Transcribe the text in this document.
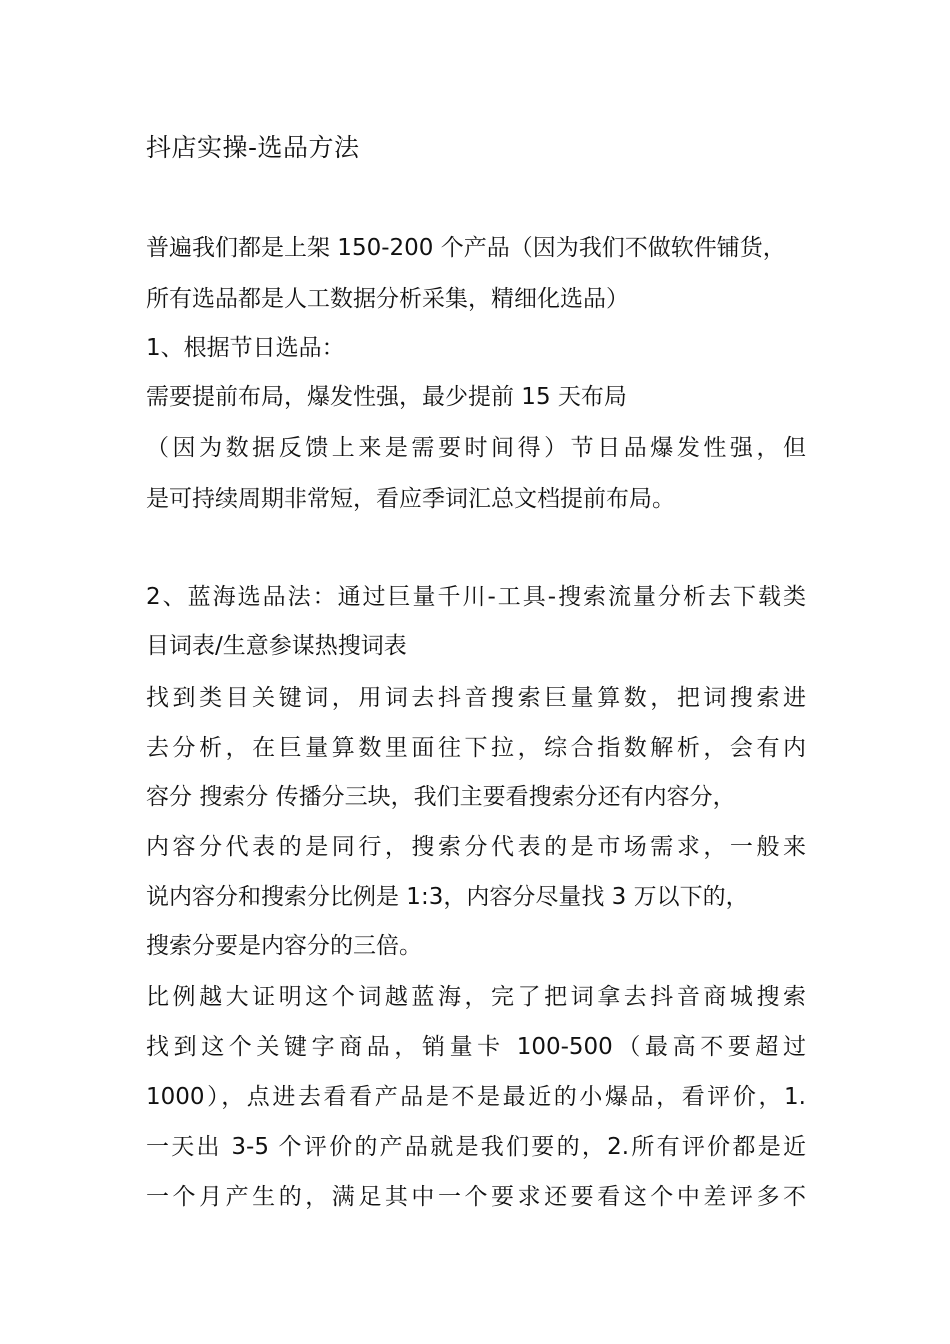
抖店实操-选品方法
普遍我们都是上架 150-200 个产品（因为我们不做软件铺货，
所有选品都是人工数据分析采集，精细化选品）
1、根据节日选品：
需要提前布局，爆发性强，最少提前 15 天布局
（因为数据反馈上来是需要时间得）节日品爆发性强，但
是可持续周期非常短，看应季词汇总文档提前布局。
2、蓝海选品法：通过巨量千川-工具-搜索流量分析去下载类
目词表/生意参谋热搜词表
找到类目关键词，用词去抖音搜索巨量算数，把词搜索进
去分析，在巨量算数里面往下拉，综合指数解析，会有内
容分 搜索分 传播分三块，我们主要看搜索分还有内容分，
内容分代表的是同行，搜索分代表的是市场需求，一般来
说内容分和搜索分比例是 1:3，内容分尽量找 3 万以下的，
搜索分要是内容分的三倍。
比例越大证明这个词越蓝海，完了把词拿去抖音商城搜索
找到这个关键字商品，销量卡 100-500（最高不要超过
1000），点进去看看产品是不是最近的小爆品，看评价，1.
一天出 3-5 个评价的产品就是我们要的，2.所有评价都是近
一个月产生的，满足其中一个要求还要看这个中差评多不
